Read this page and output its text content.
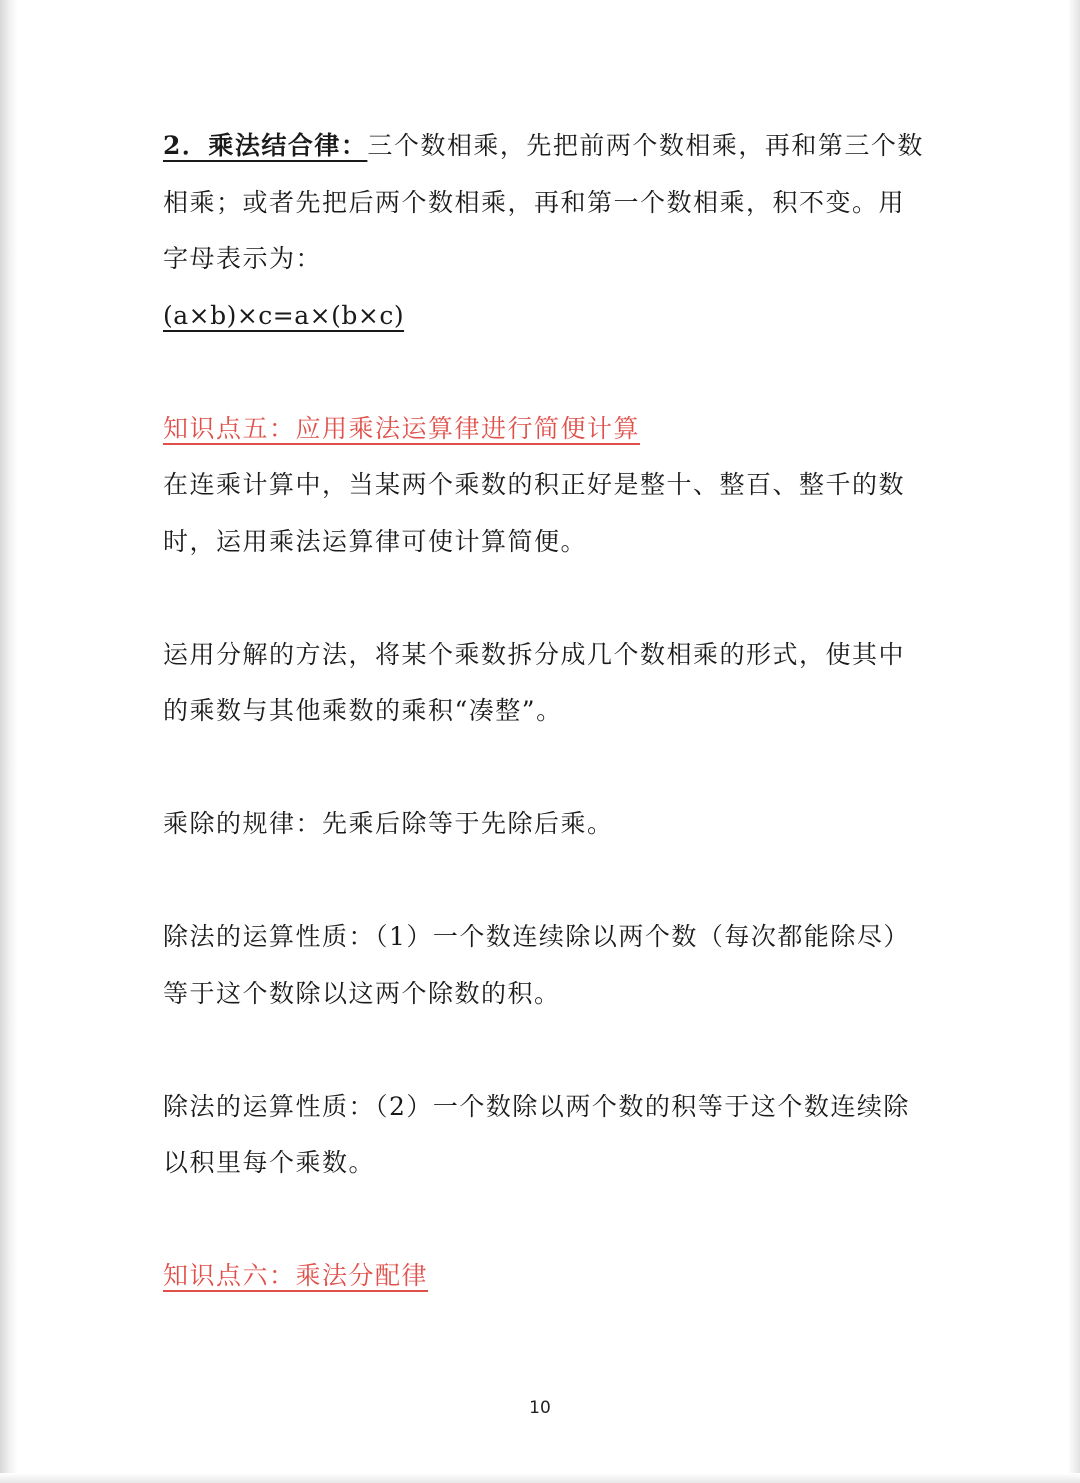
2．乘法结合律：三个数相乘，先把前两个数相乘，再和第三个数
相乘；或者先把后两个数相乘，再和第一个数相乘，积不变。用
字母表示为：
(a×b)×c=a×(b×c)
知识点五：应用乘法运算律进行简便计算
在连乘计算中，当某两个乘数的积正好是整十、整百、整千的数
时，运用乘法运算律可使计算简便。
运用分解的方法，将某个乘数拆分成几个数相乘的形式，使其中
的乘数与其他乘数的乘积“凑整”。
乘除的规律：先乘后除等于先除后乘。
除法的运算性质：（1）一个数连续除以两个数（每次都能除尽）
等于这个数除以这两个除数的积。
除法的运算性质：（2）一个数除以两个数的积等于这个数连续除
以积里每个乘数。
知识点六：乘法分配律
10
